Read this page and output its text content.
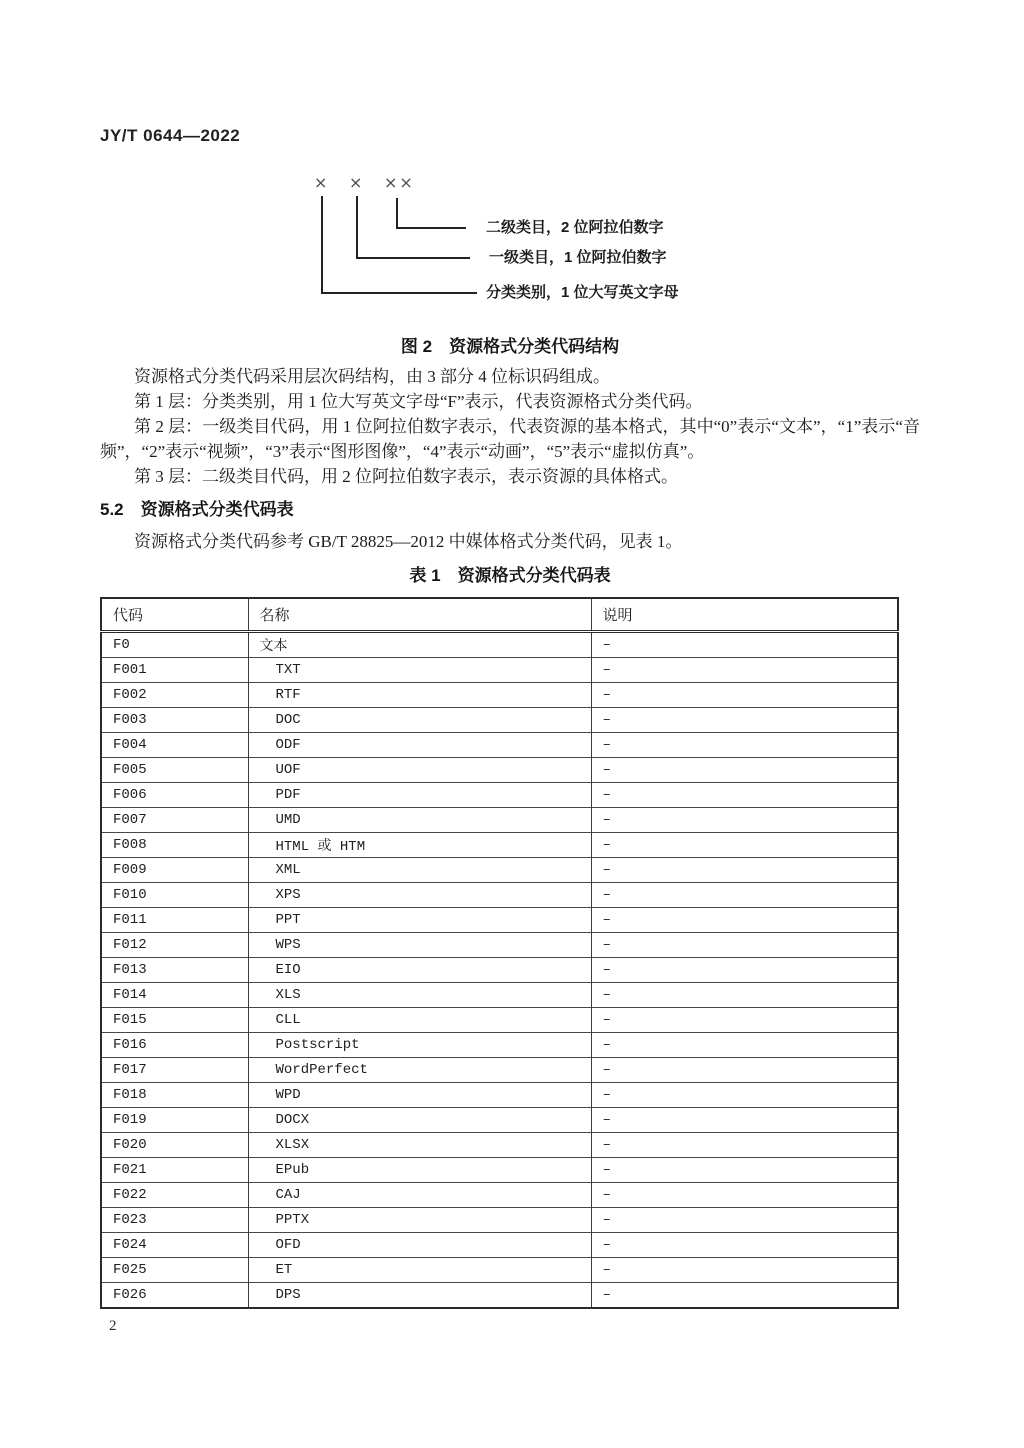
JY/T 0644—2022
× × ××
二级类目，2 位阿拉伯数字
一级类目，1 位阿拉伯数字
分类类别，1 位大写英文字母
图 2　资源格式分类代码结构

资源格式分类代码采用层次码结构，由 3 部分 4 位标识码组成。

第 1 层：分类类别，用 1 位大写英文字母“F”表示，代表资源格式分类代码。

第 2 层：一级类目代码，用 1 位阿拉伯数字表示，代表资源的基本格式，其中“0”表示“文本”，“1”表示“音频”，“2”表示“视频”，“3”表示“图形图像”，“4”表示“动画”，“5”表示“虚拟仿真”。

第 3 层：二级类目代码，用 2 位阿拉伯数字表示，表示资源的具体格式。

5.2　资源格式分类代码表

资源格式分类代码参考 GB/T 28825—2012 中媒体格式分类代码，见表 1。

表 1　资源格式分类代码表
代码	名称	说明
F0	文本	–
F001	TXT	–
F002	RTF	–
F003	DOC	–
F004	ODF	–
F005	UOF	–
F006	PDF	–
F007	UMD	–
F008	HTML 或 HTM	–
F009	XML	–
F010	XPS	–
F011	PPT	–
F012	WPS	–
F013	EIO	–
F014	XLS	–
F015	CLL	–
F016	Postscript	–
F017	WordPerfect	–
F018	WPD	–
F019	DOCX	–
F020	XLSX	–
F021	EPub	–
F022	CAJ	–
F023	PPTX	–
F024	OFD	–
F025	ET	–
F026	DPS	–
2
